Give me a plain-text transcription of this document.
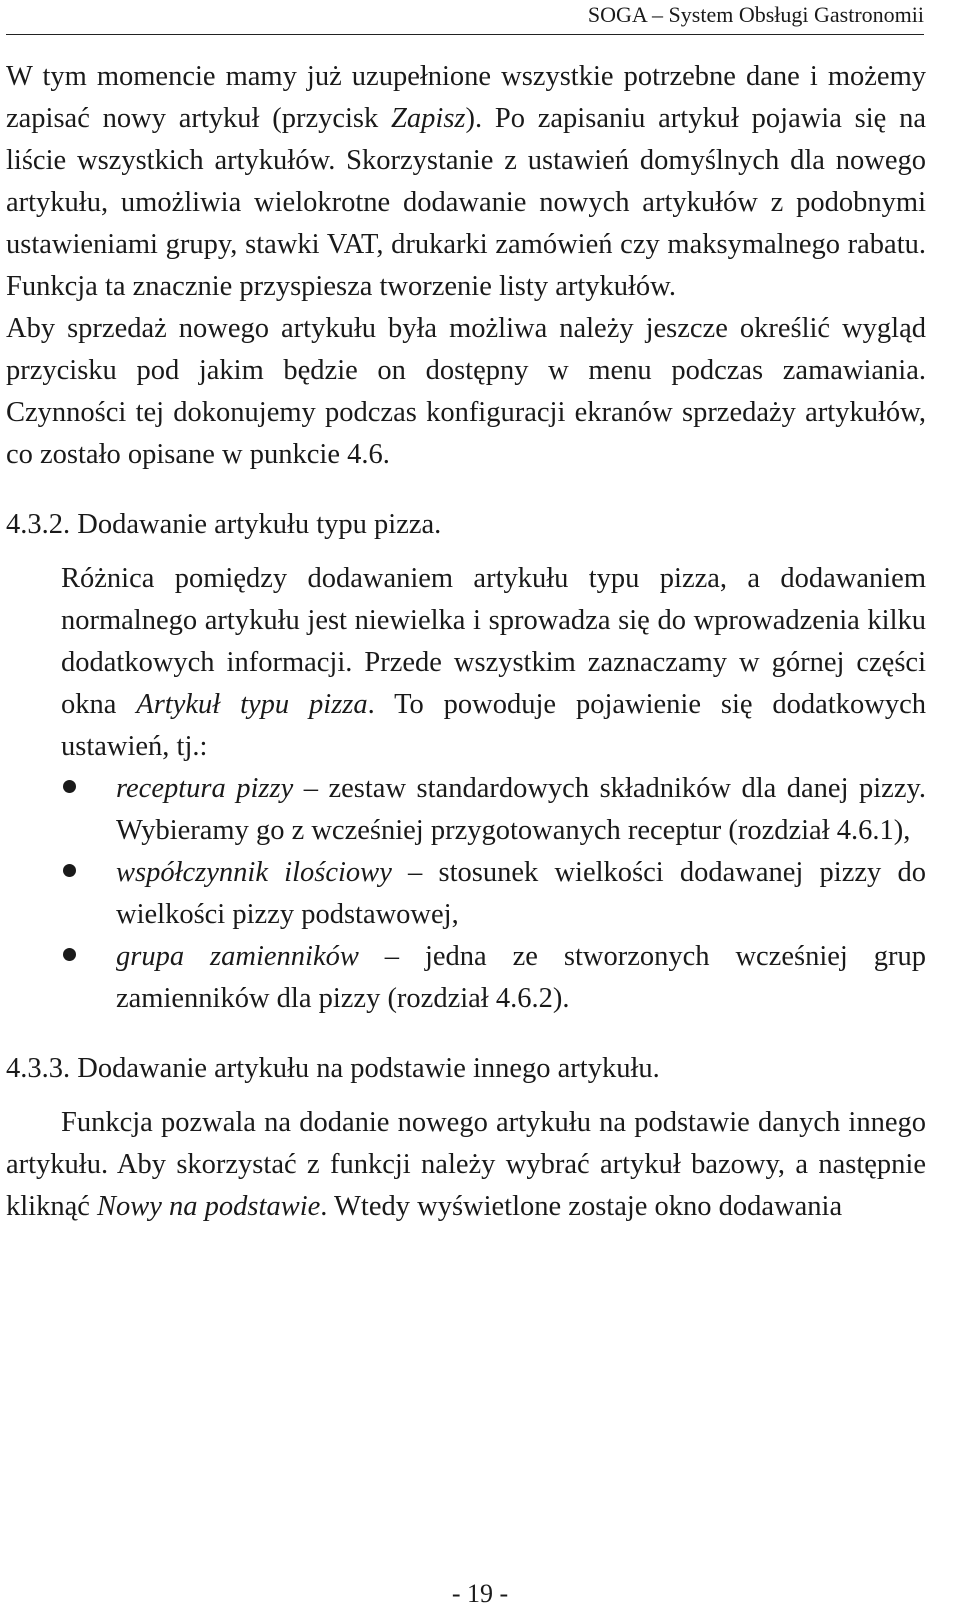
SOGA – System Obsługi Gastronomii

W tym momencie mamy już uzupełnione wszystkie potrzebne dane i możemy zapisać nowy artykuł (przycisk Zapisz). Po zapisaniu artykuł pojawia się na liście wszystkich artykułów. Skorzystanie z ustawień domyślnych dla nowego artykułu, umożliwia wielokrotne dodawanie nowych artykułów z podobnymi ustawieniami grupy, stawki VAT, drukarki zamówień czy maksymalnego rabatu. Funkcja ta znacznie przyspiesza tworzenie listy artykułów.

Aby sprzedaż nowego artykułu była możliwa należy jeszcze określić wygląd przycisku pod jakim będzie on dostępny w menu podczas zamawiania. Czynności tej dokonujemy podczas konfiguracji ekranów sprzedaży artykułów, co zostało opisane w punkcie 4.6.

4.3.2. Dodawanie artykułu typu pizza.

Różnica pomiędzy dodawaniem artykułu typu pizza, a dodawaniem normalnego artykułu jest niewielka i sprowadza się do wprowadzenia kilku dodatkowych informacji. Przede wszystkim zaznaczamy w górnej części okna Artykuł typu pizza. To powoduje pojawienie się dodatkowych ustawień, tj.:

receptura pizzy – zestaw standardowych składników dla danej pizzy. Wybieramy go z wcześniej przygotowanych receptur (rozdział 4.6.1),
współczynnik ilościowy – stosunek wielkości dodawanej pizzy do wielkości pizzy podstawowej,
grupa zamienników – jedna ze stworzonych wcześniej grup zamienników dla pizzy (rozdział 4.6.2).
4.3.3. Dodawanie artykułu na podstawie innego artykułu.

Funkcja pozwala na dodanie nowego artykułu na podstawie danych innego artykułu. Aby skorzystać z funkcji należy wybrać artykuł bazowy, a następnie kliknąć Nowy na podstawie. Wtedy wyświetlone zostaje okno dodawania

- 19 -
